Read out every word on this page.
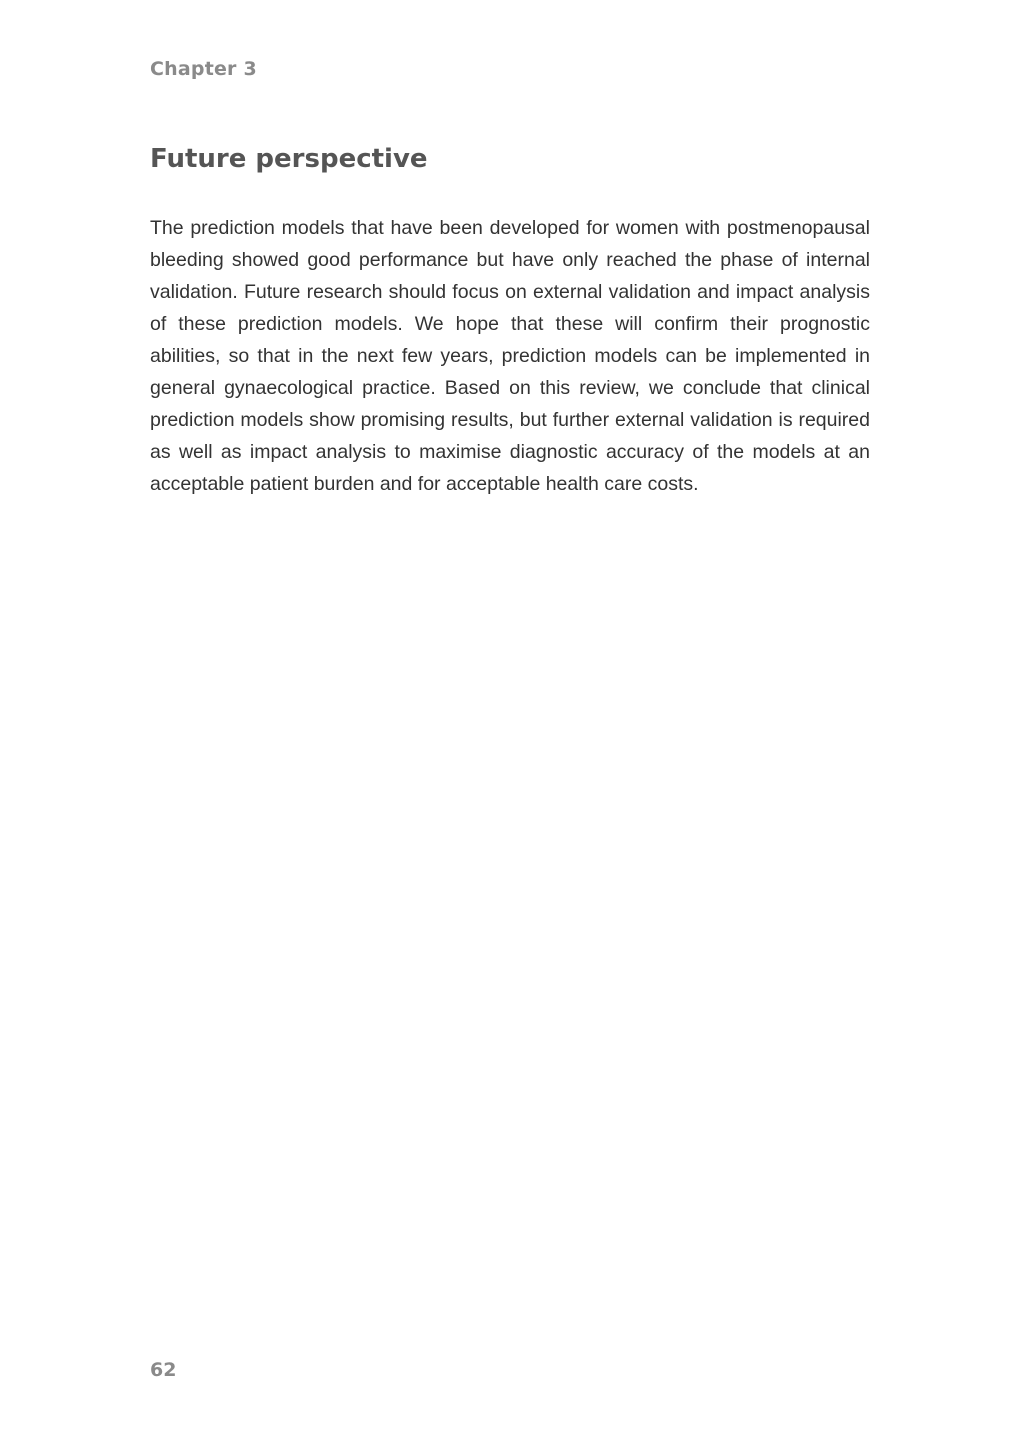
Chapter 3
Future perspective

The prediction models that have been developed for women with postmenopausal bleeding showed good performance but have only reached the phase of internal validation. Future research should focus on external validation and impact analysis of these prediction models. We hope that these will confirm their prognostic abilities, so that in the next few years, prediction models can be implemented in general gynaecological practice. Based on this review, we conclude that clinical prediction models show promising results, but further external validation is required as well as impact analysis to maximise diagnostic accuracy of the models at an acceptable patient burden and for acceptable health care costs.

62
